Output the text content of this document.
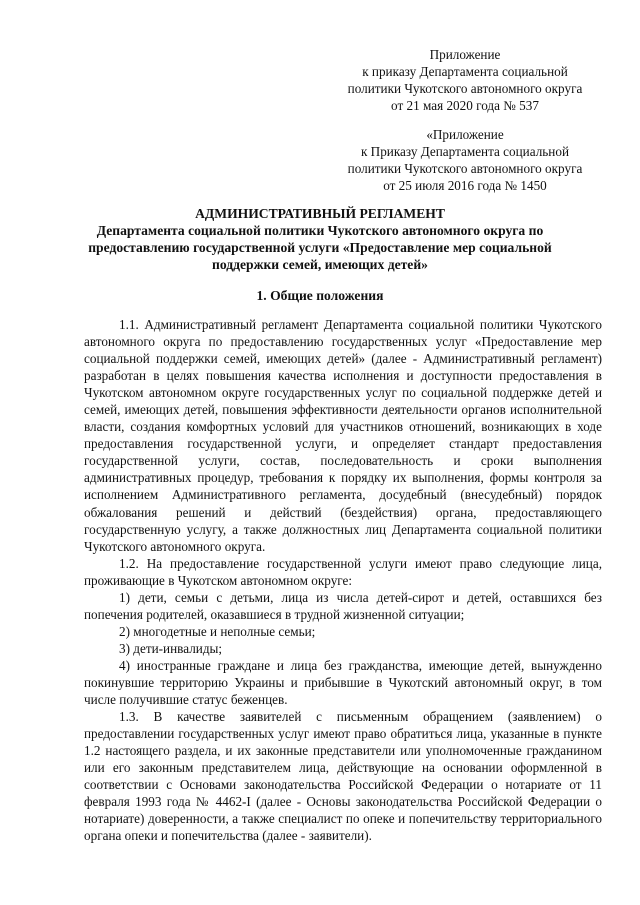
Приложение
к приказу Департамента социальной
политики Чукотского автономного округа
от 21 мая 2020 года № 537
«Приложение
к Приказу Департамента социальной
политики Чукотского автономного округа
от 25 июля 2016 года № 1450
АДМИНИСТРАТИВНЫЙ РЕГЛАМЕНТ
Департамента социальной политики Чукотского автономного округа по предоставлению государственной услуги «Предоставление мер социальной поддержки семей, имеющих детей»
1. Общие положения

1.1. Административный регламент Департамента социальной политики Чукотского автономного округа по предоставлению государственных услуг «Предоставление мер социальной поддержки семей, имеющих детей» (далее - Административный регламент) разработан в целях повышения качества исполнения и доступности предоставления в Чукотском автономном округе государственных услуг по социальной поддержке детей и семей, имеющих детей, повышения эффективности деятельности органов исполнительной власти, создания комфортных условий для участников отношений, возникающих в ходе предоставления государственной услуги, и определяет стандарт предоставления государственной услуги, состав, последовательность и сроки выполнения административных процедур, требования к порядку их выполнения, формы контроля за исполнением Административного регламента, досудебный (внесудебный) порядок обжалования решений и действий (бездействия) органа, предоставляющего государственную услугу, а также должностных лиц Департамента социальной политики Чукотского автономного округа.

1.2. На предоставление государственной услуги имеют право следующие лица, проживающие в Чукотском автономном округе:

1) дети, семьи с детьми, лица из числа детей-сирот и детей, оставшихся без попечения родителей, оказавшиеся в трудной жизненной ситуации;

2) многодетные и неполные семьи;

3) дети-инвалиды;

4) иностранные граждане и лица без гражданства, имеющие детей, вынужденно покинувшие территорию Украины и прибывшие в Чукотский автономный округ, в том числе получившие статус беженцев.

1.3. В качестве заявителей с письменным обращением (заявлением) о предоставлении государственных услуг имеют право обратиться лица, указанные в пункте 1.2 настоящего раздела, и их законные представители или уполномоченные гражданином или его законным представителем лица, действующие на основании оформленной в соответствии с Основами законодательства Российской Федерации о нотариате от 11 февраля 1993 года № 4462-I (далее - Основы законодательства Российской Федерации о нотариате) доверенности, а также специалист по опеке и попечительству территориального органа опеки и попечительства (далее - заявители).
